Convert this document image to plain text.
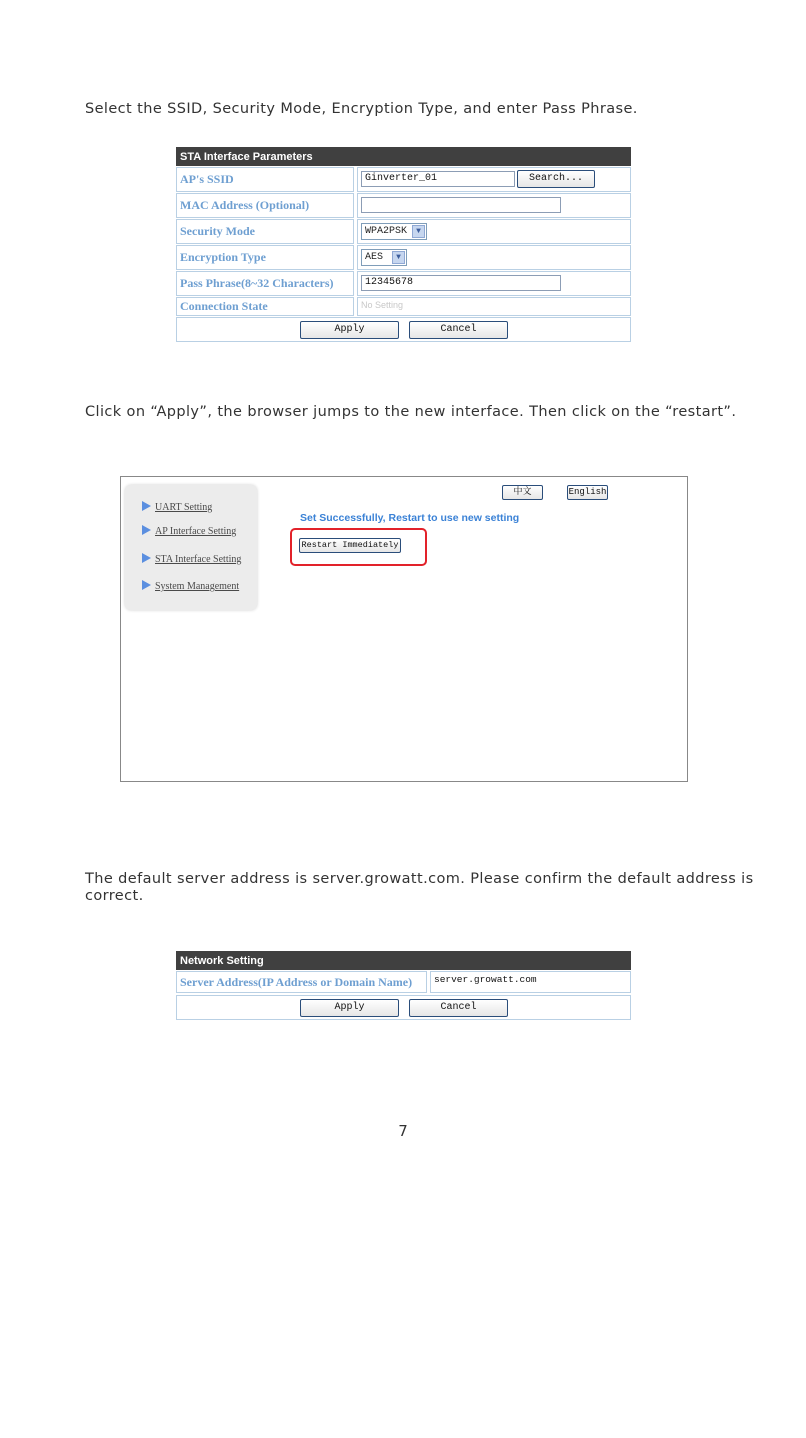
Select the SSID, Security Mode, Encryption Type, and enter Pass Phrase.
STA Interface Parameters
AP's SSID	Ginverter_01	Search...
MAC Address (Optional)
Security Mode	WPA2PSK	▼
Encryption Type	AES	▼
Pass Phrase(8~32 Characters)	12345678
Connection State	No Setting
Apply	Cancel
Click on “Apply”, the browser jumps to the new interface. Then click on the “restart”.
中文	English
UART Setting
AP Interface Setting
STA Interface Setting
System Management
Set Successfully, Restart to use new setting
Restart Immediately
The default server address is server.growatt.com. Please confirm the default address is correct.
Network Setting
Server Address(IP Address or Domain Name)	server.growatt.com
Apply	Cancel
7
